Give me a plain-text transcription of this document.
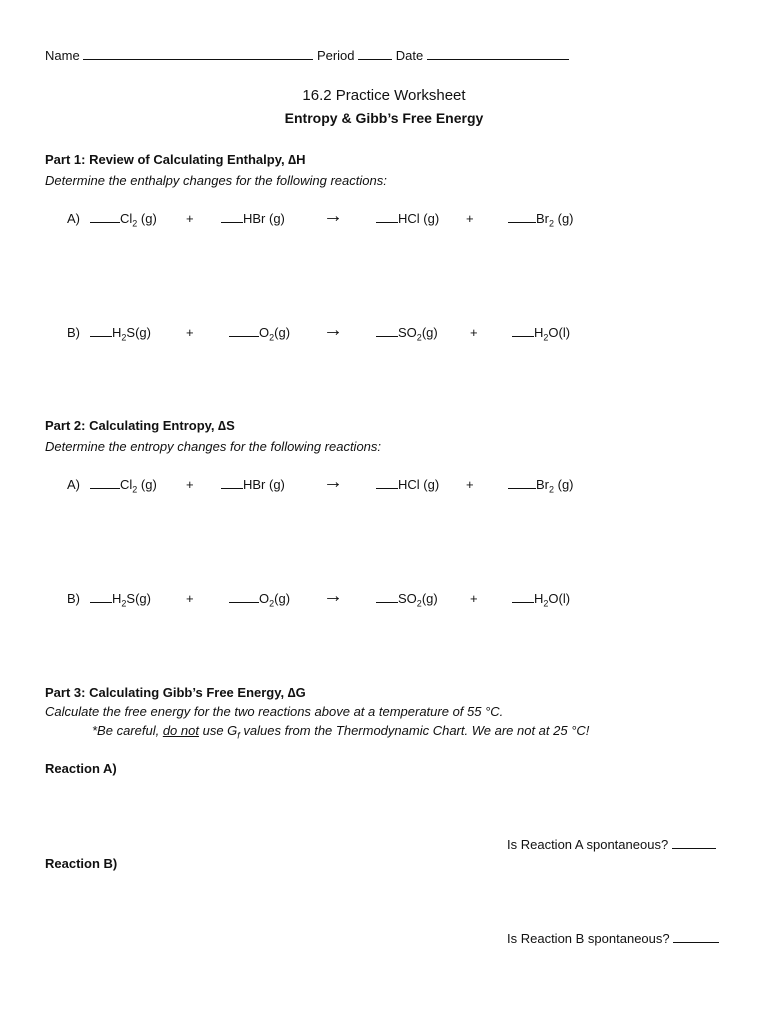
Name	Period	Date
16.2 Practice Worksheet
Entropy & Gibb’s Free Energy
Part 1: Review of Calculating Enthalpy, ∆H
Determine the enthalpy changes for the following reactions:
A)	$Cl_2$ (g) +	HBr (g) →	HCl (g) +	$Br_2$ (g)
B)	$H_2S(g)$	+	$O_2(g)$ →	$SO_2(g)$ +	$H_2O(l)$
Part 2: Calculating Entropy, ∆S
Determine the entropy changes for the following reactions:
A)	$Cl_2$ (g) +	HBr (g) →	HCl (g) +	$Br_2$ (g)
B)	$H_2S(g)$	+	$O_2(g)$ →	$SO_2(g)$ +	$H_2O(l)$
Part 3: Calculating Gibb’s Free Energy, ∆G
Calculate the free energy for the two reactions above at a temperature of 55 °C.
*Be careful, do not use $G_f$ values from the Thermodynamic Chart. We are not at 25 °C!
Reaction A)
Is Reaction A spontaneous?
Reaction B)
Is Reaction B spontaneous?
